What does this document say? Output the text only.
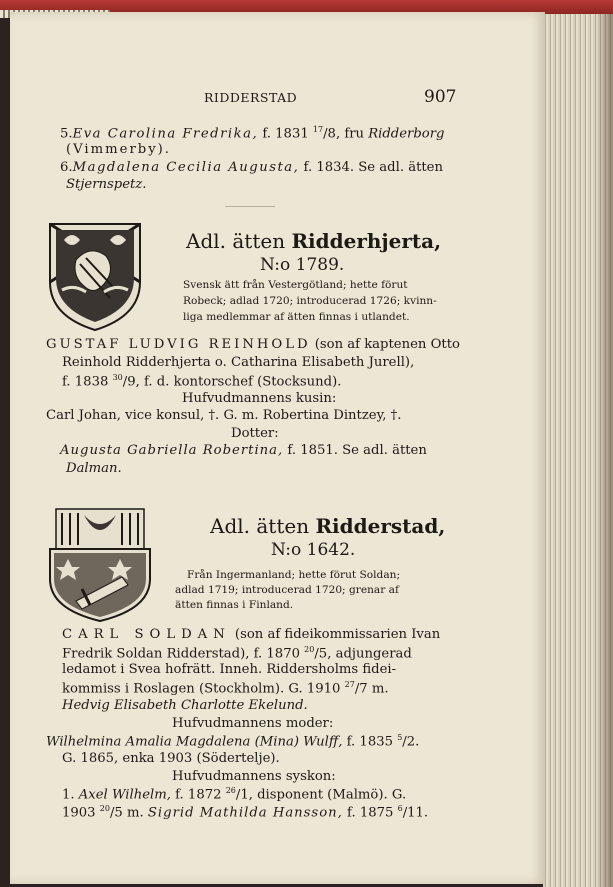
RIDDERSTAD	907
5.Eva Carolina Fredrika, f. 1831 $^{17}$/8, fru Ridderborg
(Vimmerby).
6.Magdalena Cecilia Augusta, f. 1834. Se adl. ätten
Stjernspetz.
Adl. ätten Ridderhjerta,
N:o 1789.
Svensk ätt från Vestergötland; hette förut
Robeck; adlad 1720; introducerad 1726; kvinn-
liga medlemmar af ätten finnas i utlandet.
GUSTAF LUDVIG REINHOLD (son af kaptenen Otto
Reinhold Ridderhjerta o. Catharina Elisabeth Jurell),
f. 1838 $^{30}$/9, f. d. kontorschef (Stocksund).
Hufvudmannens kusin:
Carl Johan, vice konsul, †. G. m. Robertina Dintzey, †.
Dotter:
Augusta Gabriella Robertina, f. 1851. Se adl. ätten
Dalman.
Adl. ätten Ridderstad,
N:o 1642.
Från Ingermanland; hette förut Soldan;
adlad 1719; introducerad 1720; grenar af
ätten finnas i Finland.
CARL SOLDAN (son af fideikommissarien Ivan
Fredrik Soldan Ridderstad), f. 1870 $^{20}$/5, adjungerad
ledamot i Svea hofrätt. Inneh. Riddersholms fidei-
kommiss i Roslagen (Stockholm). G. 1910 $^{27}$/7 m.
Hedvig Elisabeth Charlotte Ekelund.
Hufvudmannens moder:
Wilhelmina Amalia Magdalena (Mina) Wulff, f. 1835 $^5$/2.
G. 1865, enka 1903 (Södertelje).
Hufvudmannens syskon:
1. Axel Wilhelm, f. 1872 $^{26}$/1, disponent (Malmö). G.
1903 $^{20}$/5 m. Sigrid Mathilda Hansson, f. 1875 $^6$/11.
